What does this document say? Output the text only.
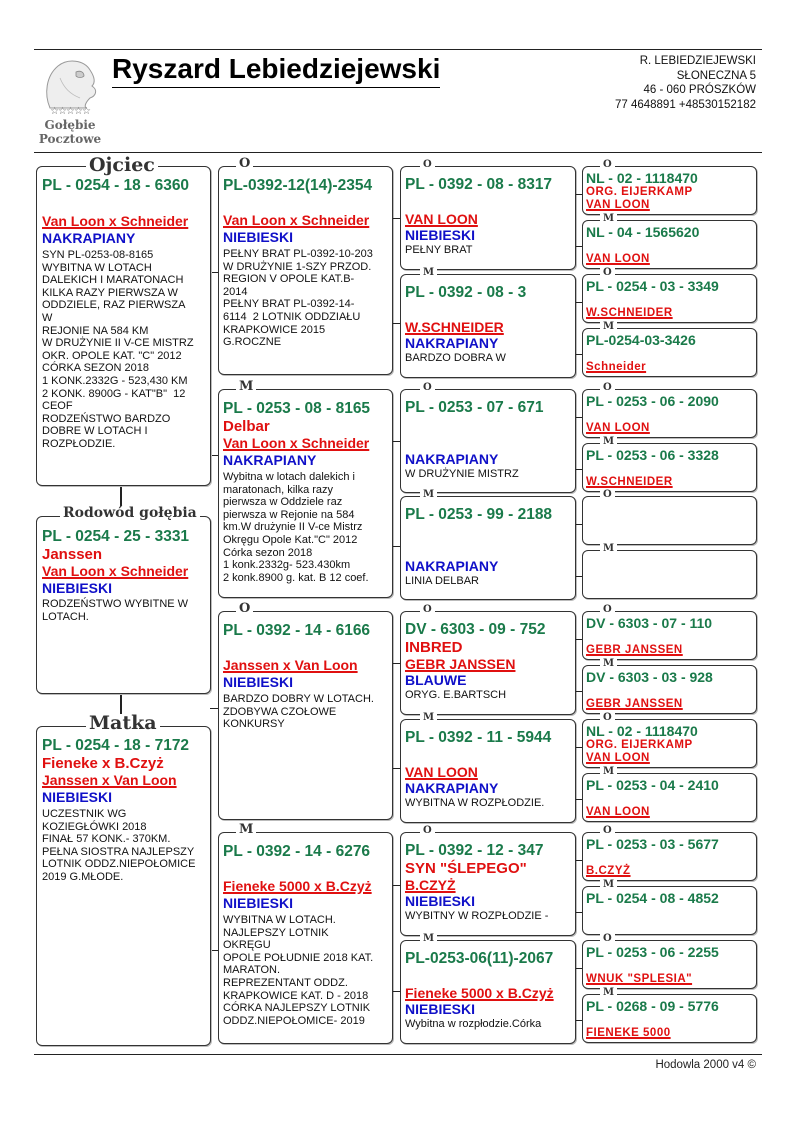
☆☆☆☆☆
Gołębie
Pocztowe
Ryszard Lebiedziejewski	R. LEBIEDZIEJEWSKI
SŁONECZNA 5
46 - 060 PRÓSZKÓW
77 4648891 +48530152182
PL - 0254 - 18 - 6360
Van Loon x Schneider
NAKRAPIANY
SYN PL-0253-08-8165
WYBITNA W LOTACH
DALEKICH I MARATONACH
KILKA RAZY PIERWSZA W
ODDZIELE, RAZ PIERWSZA
W
REJONIE NA 584 KM
W DRUŻYNIE II V-CE MISTRZ
OKR. OPOLE KAT. "C" 2012
CÓRKA SEZON 2018
1 KONK.2332G - 523,430 KM
2 KONK. 8900G - KAT"B"  12
CEOF
RODZEŃSTWO BARDZO
DOBRE W LOTACH I
ROZPŁODZIE.
Ojciec
PL - 0254 - 25 - 3331
Janssen
Van Loon x Schneider
NIEBIESKI
RODZEŃSTWO WYBITNE W LOTACH.
Rodowód gołębia
PL - 0254 - 18 - 7172
Fieneke x B.Czyż
Janssen x Van Loon
NIEBIESKI
UCZESTNIK WG
KOZIEGŁÓWKI 2018
FINAŁ 57 KONK.- 370KM.
PEŁNA SIOSTRA NAJLEPSZY
LOTNIK ODDZ.NIEPOŁOMICE
2019 G.MŁODE.
Matka
PL-0392-12(14)-2354
Van Loon x Schneider
NIEBIESKI
PEŁNY BRAT PL-0392-10-203
W DRUŻYNIE 1-SZY PRZOD.
REGION V OPOLE KAT.B-
2014
PEŁNY BRAT PL-0392-14-
6114  2 LOTNIK ODDZIAŁU
KRAPKOWICE 2015
G.ROCZNE
O
PL - 0253 - 08 - 8165
Delbar
Van Loon x Schneider
NAKRAPIANY
Wybitna w lotach dalekich i
maratonach, kilka razy
pierwsza w Oddziele raz
pierwsza w Rejonie na 584
km.W drużynie II V-ce Mistrz
Okręgu Opole Kat."C" 2012
Córka sezon 2018
1 konk.2332g- 523.430km
2 konk.8900 g. kat. B 12 coef.
M
PL - 0392 - 14 - 6166
Janssen x Van Loon
NIEBIESKI
BARDZO DOBRY W LOTACH.
ZDOBYWA CZOŁOWE
KONKURSY
O
PL - 0392 - 14 - 6276
Fieneke 5000 x B.Czyż
NIEBIESKI
WYBITNA W LOTACH.
NAJLEPSZY LOTNIK
OKRĘGU
OPOLE POŁUDNIE 2018 KAT.
MARATON.
REPREZENTANT ODDZ.
KRAPKOWICE KAT. D - 2018
CÓRKA NAJLEPSZY LOTNIK
ODDZ.NIEPOŁOMICE- 2019
M
PL - 0392 - 08 - 8317
VAN LOON
NIEBIESKI
PEŁNY BRAT
O
PL - 0392 - 08 - 3
W.SCHNEIDER
NAKRAPIANY
BARDZO DOBRA W
M
PL - 0253 - 07 - 671
NAKRAPIANY
W DRUŻYNIE MISTRZ
O
PL - 0253 - 99 - 2188
NAKRAPIANY
LINIA DELBAR
M
DV - 6303 - 09 - 752
INBRED
GEBR JANSSEN
BLAUWE
ORYG. E.BARTSCH
O
PL - 0392 - 11 - 5944
VAN LOON
NAKRAPIANY
WYBITNA W ROZPŁODZIE.
M
PL - 0392 - 12 - 347
SYN "ŚLEPEGO"
B.CZYŻ
NIEBIESKI
WYBITNY W ROZPŁODZIE -
O
PL-0253-06(11)-2067
Fieneke 5000 x B.Czyż
NIEBIESKI
Wybitna w rozpłodzie.Córka
M
NL - 02 - 1118470
ORG. EIJERKAMP
VAN LOON
O
NL - 04 - 1565620
VAN LOON
M
PL - 0254 - 03 - 3349
W.SCHNEIDER
O
PL-0254-03-3426
Schneider
M
PL - 0253 - 06 - 2090
VAN LOON
O
PL - 0253 - 06 - 3328
W.SCHNEIDER
M
O
M
DV - 6303 - 07 - 110
GEBR JANSSEN
O
DV - 6303 - 03 - 928
GEBR JANSSEN
M
NL - 02 - 1118470
ORG. EIJERKAMP
VAN LOON
O
PL - 0253 - 04 - 2410
VAN LOON
M
PL - 0253 - 03 - 5677
B.CZYŻ
O
PL - 0254 - 08 - 4852
M
PL - 0253 - 06 - 2255
WNUK "SPLESIA"
O
PL - 0268 - 09 - 5776
FIENEKE 5000
M
Hodowla 2000 v4 ©
